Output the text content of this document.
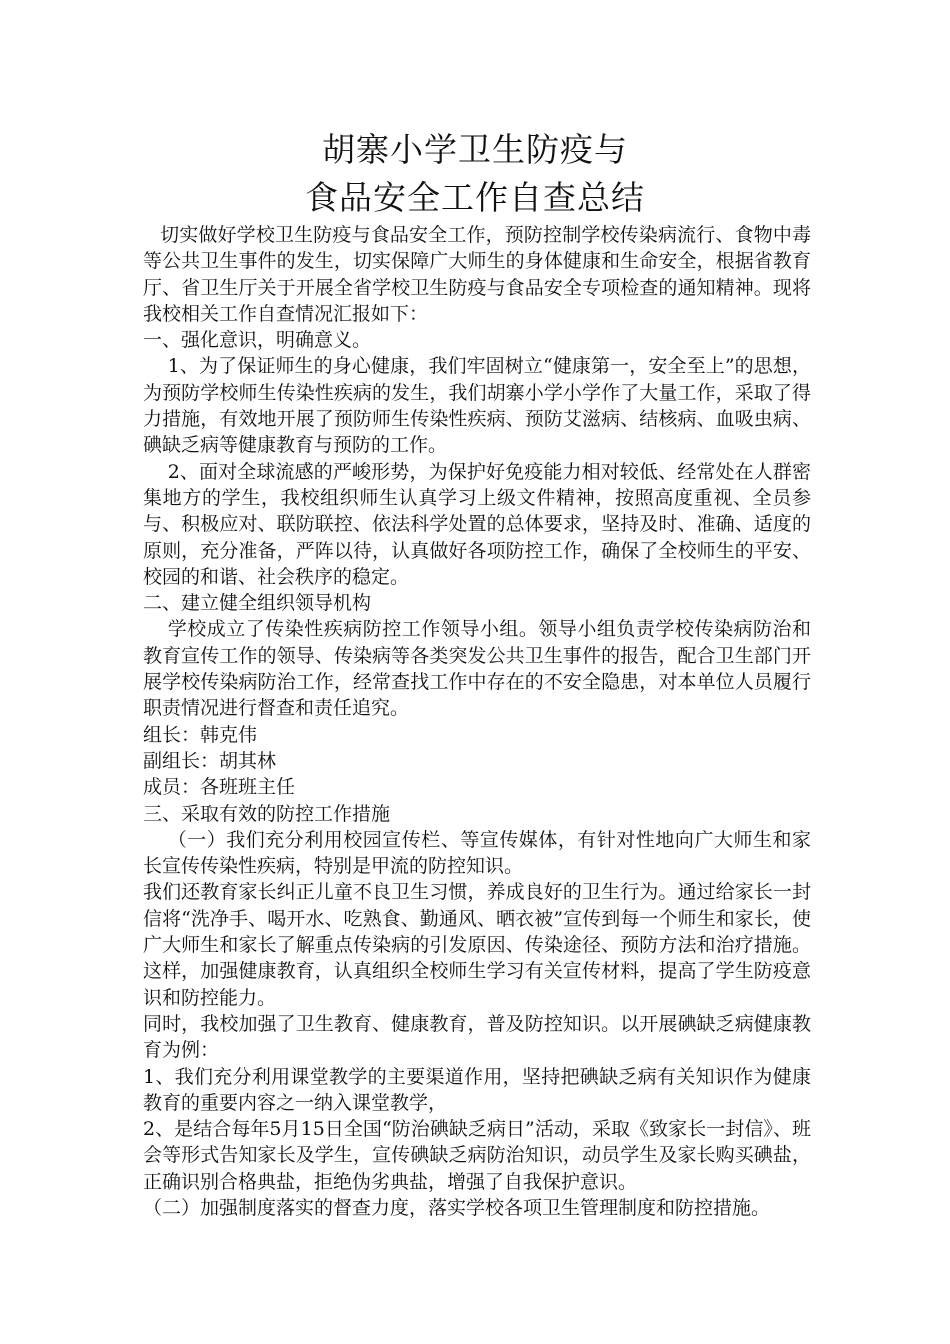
胡寨小学卫生防疫与
食品安全工作自查总结

切实做好学校卫生防疫与食品安全工作，预防控制学校传染病流行、食物中毒等公共卫生事件的发生，切实保障广大师生的身体健康和生命安全，根据省教育厅、省卫生厅关于开展全省学校卫生防疫与食品安全专项检查的通知精神。现将我校相关工作自查情况汇报如下：

一、强化意识，明确意义。

1、为了保证师生的身心健康，我们牢固树立“健康第一，安全至上”的思想，为预防学校师生传染性疾病的发生，我们胡寨小学小学作了大量工作，采取了得力措施，有效地开展了预防师生传染性疾病、预防艾滋病、结核病、血吸虫病、碘缺乏病等健康教育与预防的工作。

2、面对全球流感的严峻形势，为保护好免疫能力相对较低、经常处在人群密集地方的学生，我校组织师生认真学习上级文件精神，按照高度重视、全员参与、积极应对、联防联控、依法科学处置的总体要求，坚持及时、准确、适度的原则，充分准备，严阵以待，认真做好各项防控工作，确保了全校师生的平安、校园的和谐、社会秩序的稳定。

二、建立健全组织领导机构

学校成立了传染性疾病防控工作领导小组。领导小组负责学校传染病防治和教育宣传工作的领导、传染病等各类突发公共卫生事件的报告，配合卫生部门开展学校传染病防治工作，经常查找工作中存在的不安全隐患，对本单位人员履行职责情况进行督查和责任追究。

组长：韩克伟

副组长：胡其林

成员：各班班主任

三、采取有效的防控工作措施

（一）我们充分利用校园宣传栏、等宣传媒体，有针对性地向广大师生和家长宣传传染性疾病，特别是甲流的防控知识。

我们还教育家长纠正儿童不良卫生习惯，养成良好的卫生行为。通过给家长一封信将“洗净手、喝开水、吃熟食、勤通风、晒衣被”宣传到每一个师生和家长，使广大师生和家长了解重点传染病的引发原因、传染途径、预防方法和治疗措施。这样，加强健康教育，认真组织全校师生学习有关宣传材料，提高了学生防疫意识和防控能力。

同时，我校加强了卫生教育、健康教育，普及防控知识。以开展碘缺乏病健康教育为例：

1、我们充分利用课堂教学的主要渠道作用，坚持把碘缺乏病有关知识作为健康教育的重要内容之一纳入课堂教学，

2、是结合每年5月15日全国“防治碘缺乏病日”活动，采取《致家长一封信》、班会等形式告知家长及学生，宣传碘缺乏病防治知识，动员学生及家长购买碘盐，正确识别合格典盐，拒绝伪劣典盐，增强了自我保护意识。

（二）加强制度落实的督查力度，落实学校各项卫生管理制度和防控措施。
